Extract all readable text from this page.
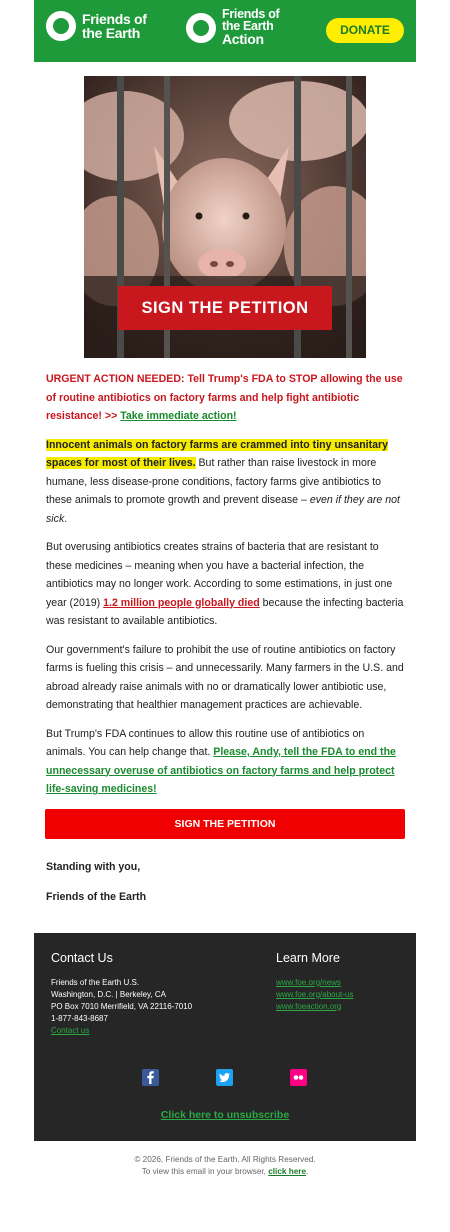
Friends of
the Earth
Friends of
the Earth
Action
DONATE
SIGN THE PETITION

URGENT ACTION NEEDED: Tell Trump's FDA to STOP allowing the use of routine antibiotics on factory farms and help fight antibiotic resistance! >> Take immediate action!

Innocent animals on factory farms are crammed into tiny unsanitary spaces for most of their lives. But rather than raise livestock in more humane, less disease-prone conditions, factory farms give antibiotics to these animals to promote growth and prevent disease – even if they are not sick.

But overusing antibiotics creates strains of bacteria that are resistant to these medicines – meaning when you have a bacterial infection, the antibiotics may no longer work. According to some estimations, in just one year (2019) 1.2 million people globally died because the infecting bacteria was resistant to available antibiotics.

Our government's failure to prohibit the use of routine antibiotics on factory farms is fueling this crisis – and unnecessarily. Many farmers in the U.S. and abroad already raise animals with no or dramatically lower antibiotic use, demonstrating that healthier management practices are achievable.

But Trump's FDA continues to allow this routine use of antibiotics on animals. You can help change that. Please, Andy, tell the FDA to end the unnecessary overuse of antibiotics on factory farms and help protect life-saving medicines!

SIGN THE PETITION
Standing with you,
Friends of the Earth
Contact Us
Friends of the Earth U.S.
Washington, D.C. | Berkeley, CA
PO Box 7010 Merrifield, VA 22116-7010
1-877-843-8687
Contact us
Learn More
www.foe.org/news
www.foe.org/about-us
www.foeaction.org
Click here to unsubscribe
© 2026, Friends of the Earth. All Rights Reserved.
To view this email in your browser, click here.
